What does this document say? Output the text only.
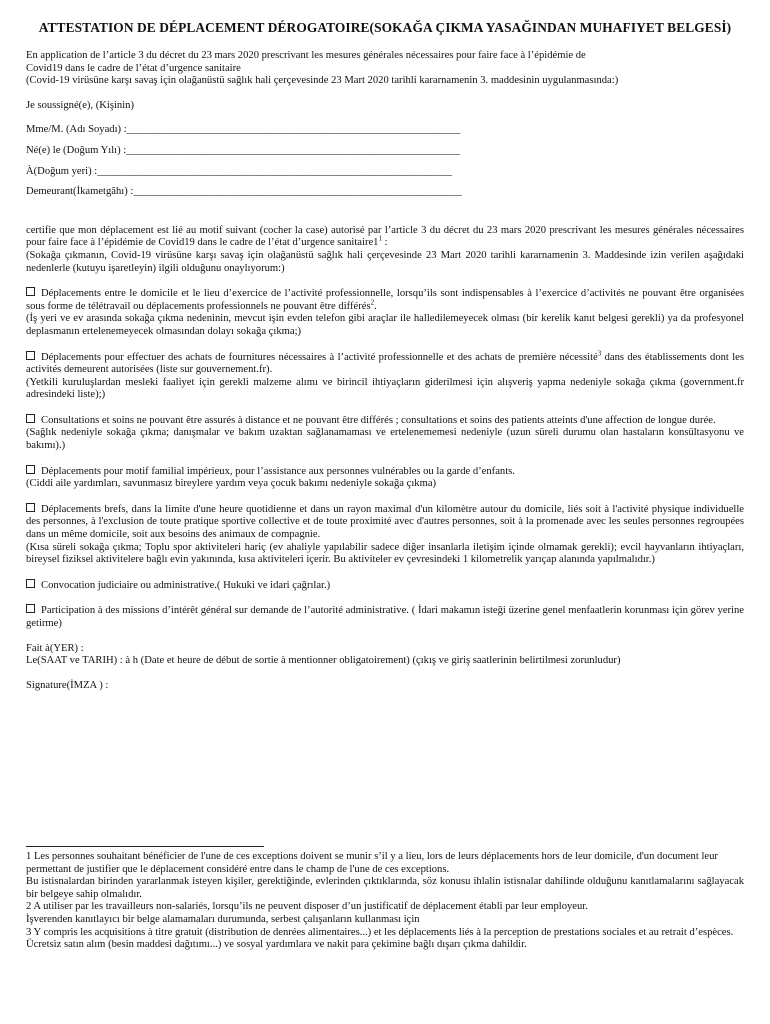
ATTESTATION DE DÉPLACEMENT DÉROGATOIRE(SOKAĞA ÇIKMA YASAĞINDAN MUHAFIYET BELGESİ)

En application de l’article 3 du décret du 23 mars 2020 prescrivant les mesures générales nécessaires pour faire face à l’épidémie de

Covid19 dans le cadre de l’état d’urgence sanitaire

(Covid-19 virüsüne karşı savaş için olağanüstü sağlık hali çerçevesinde 23 Mart 2020 tarihli kararnamenin 3. maddesinin uygulanmasında:)

Je soussigné(e), (Kişinin)

Mme/M. (Adı Soyadı) :_______________________________________________________________
Né(e) le (Doğum Yılı) :_______________________________________________________________
À(Doğum yeri) :___________________________________________________________________
Demeurant(İkametgâhı) :______________________________________________________________

certifie que mon déplacement est lié au motif suivant (cocher la case) autorisé par l’article 3 du décret du 23 mars 2020 prescrivant les mesures générales nécessaires pour faire face à l’épidémie de Covid19 dans le cadre de l’état d’urgence $sanitaire1^1$ :

(Sokağa çıkmanın, Covid-19 virüsüne karşı savaş için olağanüstü sağlık hali çerçevesinde 23 Mart 2020 tarihli kararnamenin 3. Maddesinde izin verilen aşağıdaki nedenlerle (kutuyu işaretleyin) ilgili olduğunu onaylıyorum:)

Déplacements entre le domicile et le lieu d’exercice de l’activité professionnelle, lorsqu’ils sont indispensables à l’exercice d’activités ne pouvant être organisées sous forme de télétravail ou déplacements professionnels ne pouvant être différés$^2$.

(İş yeri ve ev arasında sokağa çıkma nedeninin, mevcut işin evden telefon gibi araçlar ile halledilemeyecek olması (bir kerelik kanıt belgesi gerekli) ya da profesyonel deplasmanın ertelenemeyecek olmasından dolayı sokağa çıkma;)

Déplacements pour effectuer des achats de fournitures nécessaires à l’activité professionnelle et des achats de première nécessité$^3$ dans des établissements dont les activités demeurent autorisées (liste sur gouvernement.fr).

(Yetkili kuruluşlardan mesleki faaliyet için gerekli malzeme alımı ve birincil ihtiyaçların giderilmesi için alışveriş yapma nedeniyle sokağa çıkma (government.fr adresindeki liste);)

Consultations et soins ne pouvant être assurés à distance et ne pouvant être différés ; consultations et soins des patients atteints d'une affection de longue durée.

(Sağlık nedeniyle sokağa çıkma; danışmalar ve bakım uzaktan sağlanamaması ve ertelenememesi nedeniyle (uzun süreli durumu olan hastaların konsültasyonu ve bakımı).)

Déplacements pour motif familial impérieux, pour l’assistance aux personnes vulnérables ou la garde d’enfants.

(Ciddi aile yardımları, savunmasız bireylere yardım veya çocuk bakımı nedeniyle sokağa çıkma)

Déplacements brefs, dans la limite d'une heure quotidienne et dans un rayon maximal d'un kilomètre autour du domicile, liés soit à l'activité physique individuelle des personnes, à l'exclusion de toute pratique sportive collective et de toute proximité avec d'autres personnes, soit à la promenade avec les seules personnes regroupées dans un même domicile, soit aux besoins des animaux de compagnie.

(Kısa süreli sokağa çıkma; Toplu spor aktiviteleri hariç (ev ahaliyle yapılabilir sadece diğer insanlarla iletişim içinde olmamak gerekli); evcil hayvanların ihtiyaçları, bireysel fiziksel aktivitelere bağlı evin yakınında, kısa aktiviteleri içerir. Bu aktiviteler ev çevresindeki 1 kilometrelik yarıçap alanında yapılmalıdır.)

Convocation judiciaire ou administrative.( Hukuki ve idari çağrılar.)

Participation à des missions d’intérêt général sur demande de l’autorité administrative. ( İdari makamın isteği üzerine genel menfaatlerin korunması için görev yerine getirme)

Fait à(YER) :

Le(SAAT ve TARIH) : à h (Date et heure de début de sortie à mentionner obligatoirement) (çıkış ve giriş saatlerinin belirtilmesi zorunludur)

Signature(İMZA ) :

1 Les personnes souhaitant bénéficier de l'une de ces exceptions doivent se munir s’il y a lieu, lors de leurs déplacements hors de leur domicile, d'un document leur permettant de justifier que le déplacement considéré entre dans le champ de l'une de ces exceptions.

Bu istisnalardan birinden yararlanmak isteyen kişiler, gerektiğinde, evlerinden çıktıklarında, söz konusu ihlalin istisnalar dahilinde olduğunu kanıtlamalarını sağlayacak bir belgeye sahip olmalıdır.

2 A utiliser par les travailleurs non-salariés, lorsqu’ils ne peuvent disposer d’un justificatif de déplacement établi par leur employeur.

İşverenden kanıtlayıcı bir belge alamamaları durumunda, serbest çalışanların kullanması için

3 Y compris les acquisitions à titre gratuit (distribution de denrées alimentaires...) et les déplacements liés à la perception de prestations sociales et au retrait d’espèces. Ücretsiz satın alım (besin maddesi dağıtımı...) ve sosyal yardımlara ve nakit para çekimine bağlı dışarı çıkma dahildir.
